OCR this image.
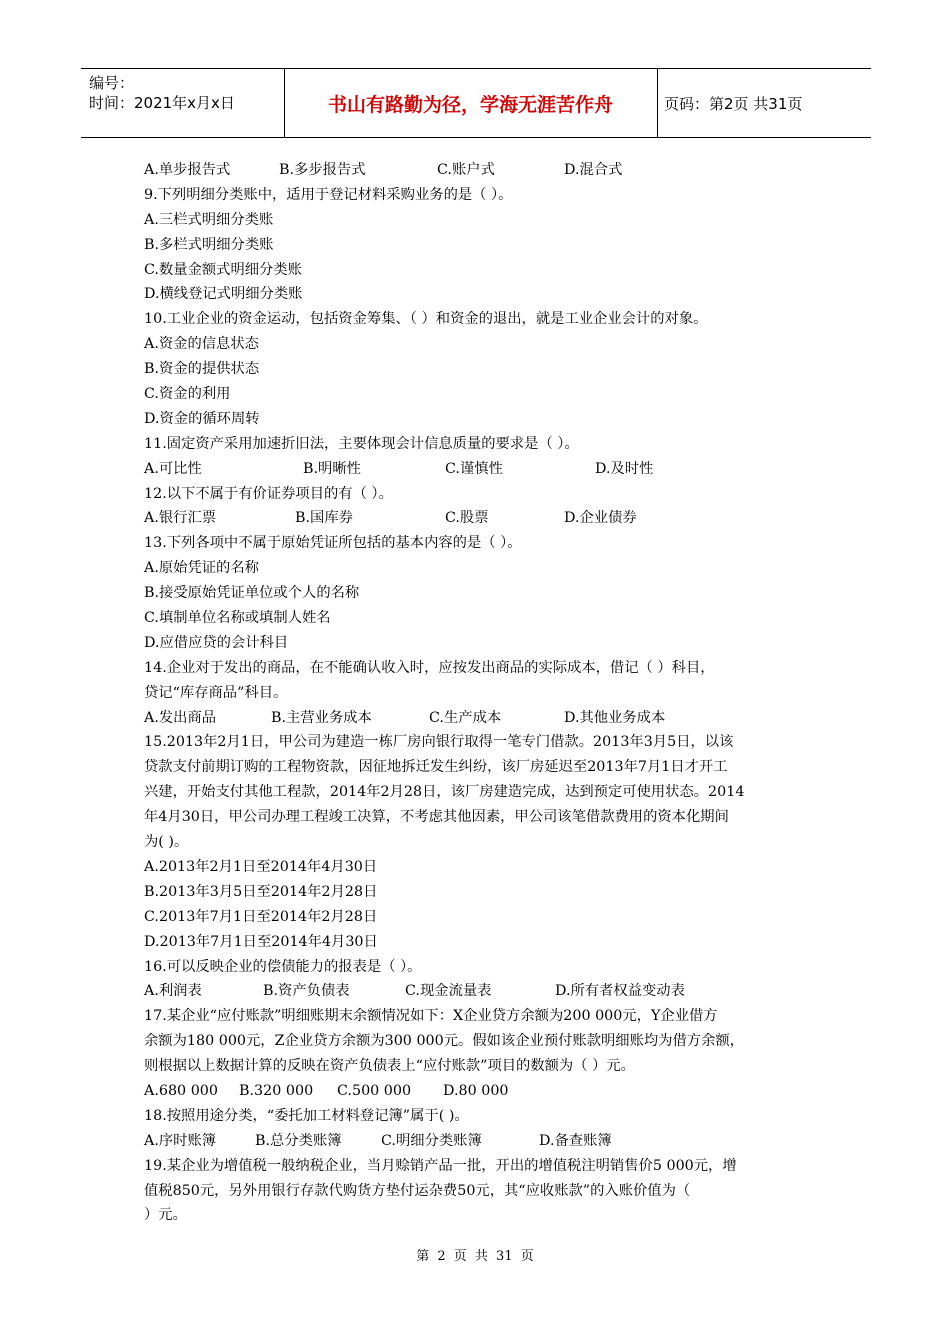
编号：
时间：2021年x月x日	书山有路勤为径，学海无涯苦作舟	页码：第2页 共31页
A.单步报告式	B.多步报告式	C.账户式	D.混合式
9.下列明细分类账中，适用于登记材料采购业务的是（ ）。
A.三栏式明细分类账
B.多栏式明细分类账
C.数量金额式明细分类账
D.横线登记式明细分类账
10.工业企业的资金运动，包括资金筹集、（ ）和资金的退出，就是工业企业会计的对象。
A.资金的信息状态
B.资金的提供状态
C.资金的利用
D.资金的循环周转
11.固定资产采用加速折旧法，主要体现会计信息质量的要求是（ ）。
A.可比性	B.明晰性	C.谨慎性	D.及时性
12.以下不属于有价证券项目的有（ ）。
A.银行汇票	B.国库券	C.股票	D.企业债券
13.下列各项中不属于原始凭证所包括的基本内容的是（ ）。
A.原始凭证的名称
B.接受原始凭证单位或个人的名称
C.填制单位名称或填制人姓名
D.应借应贷的会计科目
14.企业对于发出的商品，在不能确认收入时，应按发出商品的实际成本，借记（ ）科目，
贷记“库存商品”科目。
A.发出商品	B.主营业务成本	C.生产成本	D.其他业务成本
15.2013年2月1日，甲公司为建造一栋厂房向银行取得一笔专门借款。2013年3月5日，以该
贷款支付前期订购的工程物资款，因征地拆迁发生纠纷，该厂房延迟至2013年7月1日才开工
兴建，开始支付其他工程款，2014年2月28日，该厂房建造完成，达到预定可使用状态。2014
年4月30日，甲公司办理工程竣工决算，不考虑其他因素，甲公司该笔借款费用的资本化期间
为( )。
A.2013年2月1日至2014年4月30日
B.2013年3月5日至2014年2月28日
C.2013年7月1日至2014年2月28日
D.2013年7月1日至2014年4月30日
16.可以反映企业的偿债能力的报表是（ ）。
A.利润表	B.资产负债表	C.现金流量表	D.所有者权益变动表
17.某企业“应付账款”明细账期末余额情况如下：X企业贷方余额为200 000元，Y企业借方
余额为180 000元，Z企业贷方余额为300 000元。假如该企业预付账款明细账均为借方余额，
则根据以上数据计算的反映在资产负债表上“应付账款”项目的数额为（ ）元。
A.680 000	B.320 000	C.500 000	D.80 000
18.按照用途分类，“委托加工材料登记簿”属于( )。
A.序时账簿	B.总分类账簿	C.明细分类账簿	D.备查账簿
19.某企业为增值税一般纳税企业，当月赊销产品一批，开出的增值税注明销售价5 000元，增
值税850元，另外用银行存款代购货方垫付运杂费50元，其“应收账款”的入账价值为（
）元。
第 2 页 共 31 页
